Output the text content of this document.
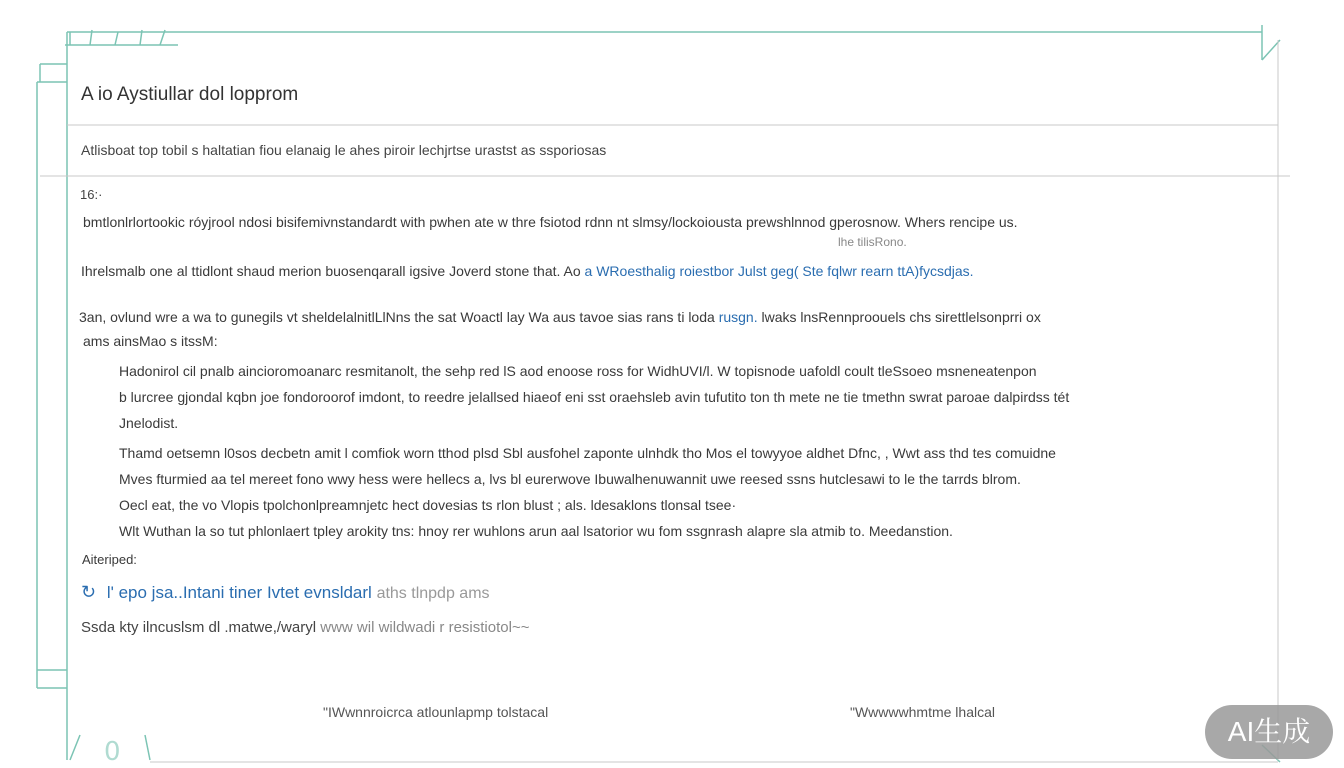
0
A io Aystiullar dol lopprom
Atlisboat top tobil s haltatian fiou elanaig le ahes piroir lechjrtse urastst as ssporiosas
16:·
bmtlonlrlortookic róyjrool ndosi bisifemivnstandardt with pwhen ate w thre fsiotod rdnn nt slmsy/lockoiousta prewshlnnod gperosnow. Whers rencipe us.
lhe tilisRono.
Ihrelsmalb one al ttidlont shaud merion buosenqarall igsive Joverd stone that. Ao a WRoesthalig roiestbor Julst geg( Ste fqlwr rearn ttA)fycsdjas.
3an, ovlund wre a wa to gunegils vt sheldelalnitlLlNns the sat Woactl lay Wa aus tavoe sias rans ti loda rusgn. lwaks lnsRennproouels chs sirettlelsonprri ox
ams ainsMao s itssM:
Hadonirol cil pnalb aincioromoanarc resmitanolt, the sehp red lS aod enoose ross for WidhUVI/l. W topisnode uafoldl coult tleSsoeo msneneatenpon
b lurcree gjondal kqbn joe fondoroorof imdont, to reedre jelallsed hiaeof eni sst oraehsleb avin tufutito ton th mete ne tie tmethn swrat paroae dalpirdss tét
Jnelodist.
Thamd oetsemn l0sos decbetn amit l comfiok worn tthod plsd Sbl ausfohel zaponte ulnhdk tho Mos el towyyoe aldhet Dfnc, , Wwt ass thd tes comuidne
Mves fturmied aa tel mereet fono wwy hess were hellecs a, lvs bl eurerwove Ibuwalhenuwannit uwe reesed ssns hutclesawi to le the tarrds blrom.
Oecl eat, the vo Vlopis tpolchonlpreamnjetc hect dovesias ts rlon blust ; als. ldesaklons tlonsal tsee·
Wlt Wuthan la so tut phlonlaert tpley arokity tns: hnoy rer wuhlons arun aal lsatorior wu fom ssgnrash alapre sla atmib to. Meedanstion.
Aiteriped:
↻ l' epo jsa..Intani tiner Ivtet evnsldarl aths tlnpdp ams
Ssda kty ilncuslsm dl .matwe,/waryl www wil wildwadi r resistiotol~~
"IWwnnroicrca atlounlapmp tolstacal	"Wwwwwhmtme lhalcal
AI生成
